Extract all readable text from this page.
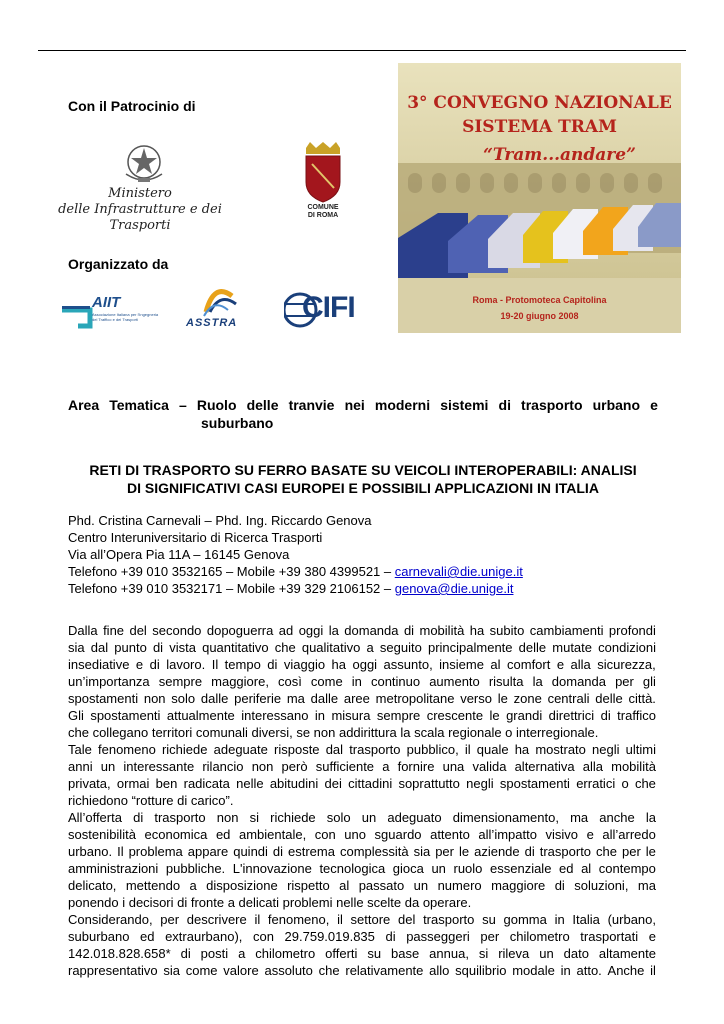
Con il Patrocinio di
Ministero
delle Infrastrutture e dei Trasporti
COMUNE
DI ROMA
Organizzato da
AIIT
Associazione Italiana per l'Ingegneria del Traffico e dei Trasporti	ASSTRA CIFI
3° CONVEGNO NAZIONALE
SISTEMA TRAM
“Tram...andare”
Roma - Protomoteca Capitolina
19-20 giugno 2008
Area Tematica – Ruolo delle tranvie nei moderni sistemi di trasporto urbano e
suburbano
RETI DI TRASPORTO SU FERRO BASATE SU VEICOLI INTEROPERABILI: ANALISI
DI SIGNIFICATIVI CASI EUROPEI E POSSIBILI APPLICAZIONI IN ITALIA
Phd. Cristina Carnevali – Phd. Ing. Riccardo Genova
Centro Interuniversitario di Ricerca Trasporti
Via all’Opera Pia 11A – 16145 Genova
Telefono +39 010 3532165 – Mobile +39 380 4399521 – carnevali@die.unige.it
Telefono +39 010 3532171 – Mobile +39 329 2106152 – genova@die.unige.it
Dalla fine del secondo dopoguerra ad oggi la domanda di mobilità ha subito cambiamenti profondi
sia dal punto di vista quantitativo che qualitativo a seguito principalmente delle mutate condizioni
insediative e di lavoro. Il tempo di viaggio ha oggi assunto, insieme al comfort e alla sicurezza,
un’importanza sempre maggiore, così come in continuo aumento risulta la domanda per gli
spostamenti non solo dalle periferie ma dalle aree metropolitane verso le zone centrali delle città.
Gli spostamenti attualmente interessano in misura sempre crescente le grandi direttrici di traffico
che collegano territori comunali diversi, se non addirittura la scala regionale o interregionale.
Tale fenomeno richiede adeguate risposte dal trasporto pubblico, il quale ha mostrato negli ultimi
anni un interessante rilancio non però sufficiente a fornire una valida alternativa alla mobilità
privata, ormai ben radicata nelle abitudini dei cittadini soprattutto negli spostamenti erratici o che
richiedono “rotture di carico”.
All’offerta di trasporto non si richiede solo un adeguato dimensionamento, ma anche la
sostenibilità economica ed ambientale, con uno sguardo attento all’impatto visivo e all’arredo
urbano. Il problema appare quindi di estrema complessità sia per le aziende di trasporto che per le
amministrazioni pubbliche. L'innovazione tecnologica gioca un ruolo essenziale ed al contempo
delicato, mettendo a disposizione rispetto al passato un numero maggiore di soluzioni, ma
ponendo i decisori di fronte a delicati problemi nelle scelte da operare.
Considerando, per descrivere il fenomeno, il settore del trasporto su gomma in Italia (urbano,
suburbano ed extraurbano), con 29.759.019.835 di passeggeri per chilometro trasportati e
142.018.828.658* di posti a chilometro offerti su base annua, si rileva un dato altamente
rappresentativo sia come valore assoluto che relativamente allo squilibrio modale in atto. Anche il
